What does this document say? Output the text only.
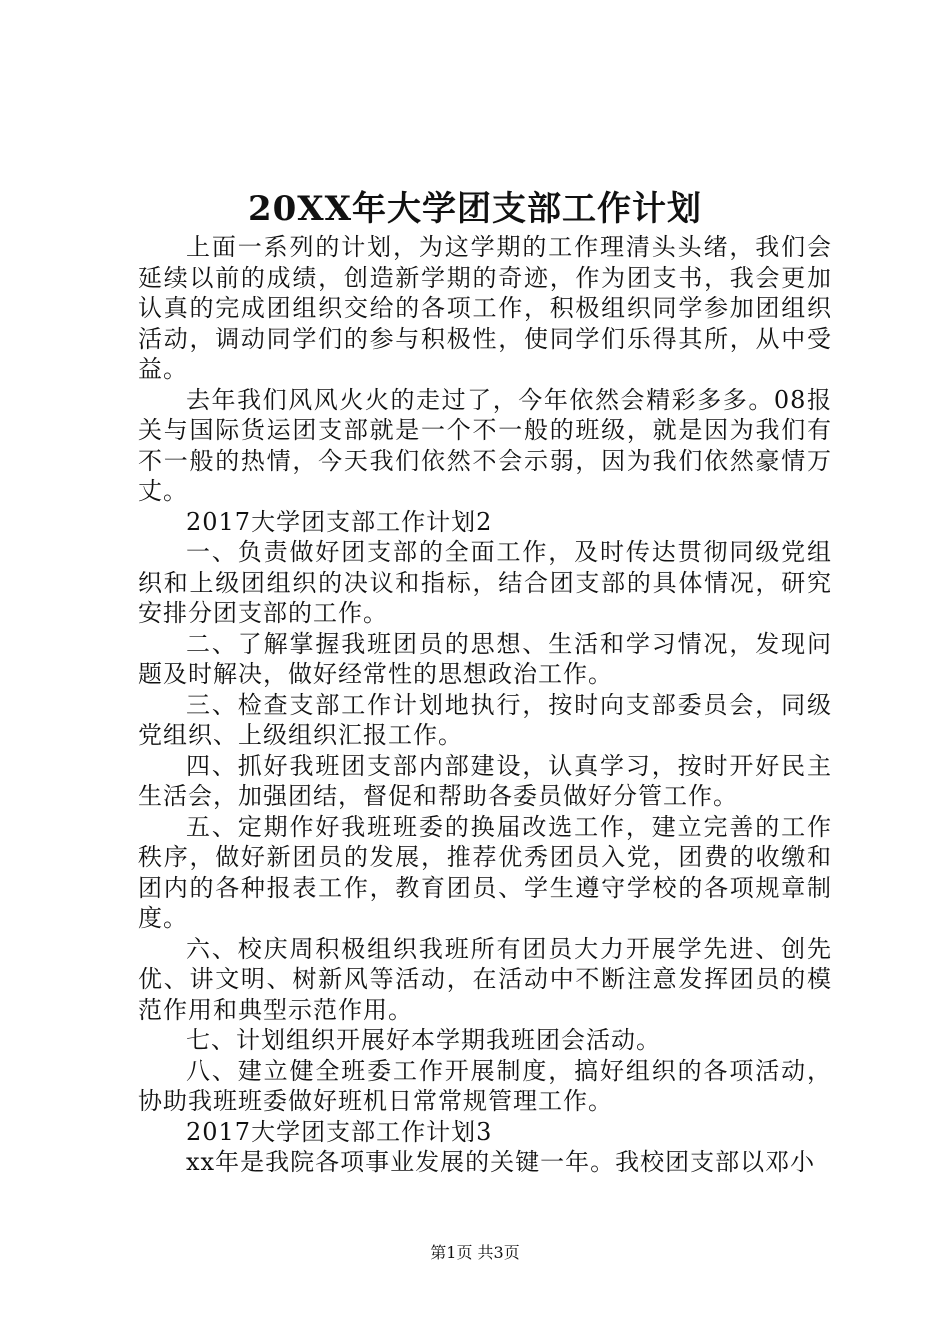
20XX年大学团支部工作计划

上面一系列的计划，为这学期的工作理清头头绪，我们会延续以前的成绩，创造新学期的奇迹，作为团支书，我会更加认真的完成团组织交给的各项工作，积极组织同学参加团组织活动，调动同学们的参与积极性，使同学们乐得其所，从中受益。

去年我们风风火火的走过了，今年依然会精彩多多。08报关与国际货运团支部就是一个不一般的班级，就是因为我们有不一般的热情，今天我们依然不会示弱，因为我们依然豪情万丈。

2017大学团支部工作计划2

一、负责做好团支部的全面工作，及时传达贯彻同级党组织和上级团组织的决议和指标，结合团支部的具体情况，研究安排分团支部的工作。

二、了解掌握我班团员的思想、生活和学习情况，发现问题及时解决，做好经常性的思想政治工作。

三、检查支部工作计划地执行，按时向支部委员会，同级党组织、上级组织汇报工作。

四、抓好我班团支部内部建设，认真学习，按时开好民主生活会，加强团结，督促和帮助各委员做好分管工作。

五、定期作好我班班委的换届改选工作，建立完善的工作秩序，做好新团员的发展，推荐优秀团员入党，团费的收缴和团内的各种报表工作，教育团员、学生遵守学校的各项规章制度。

六、校庆周积极组织我班所有团员大力开展学先进、创先优、讲文明、树新风等活动，在活动中不断注意发挥团员的模范作用和典型示范作用。

七、计划组织开展好本学期我班团会活动。

八、建立健全班委工作开展制度，搞好组织的各项活动，协助我班班委做好班机日常常规管理工作。

2017大学团支部工作计划3

xx年是我院各项事业发展的关键一年。我校团支部以邓小

第1页 共3页
